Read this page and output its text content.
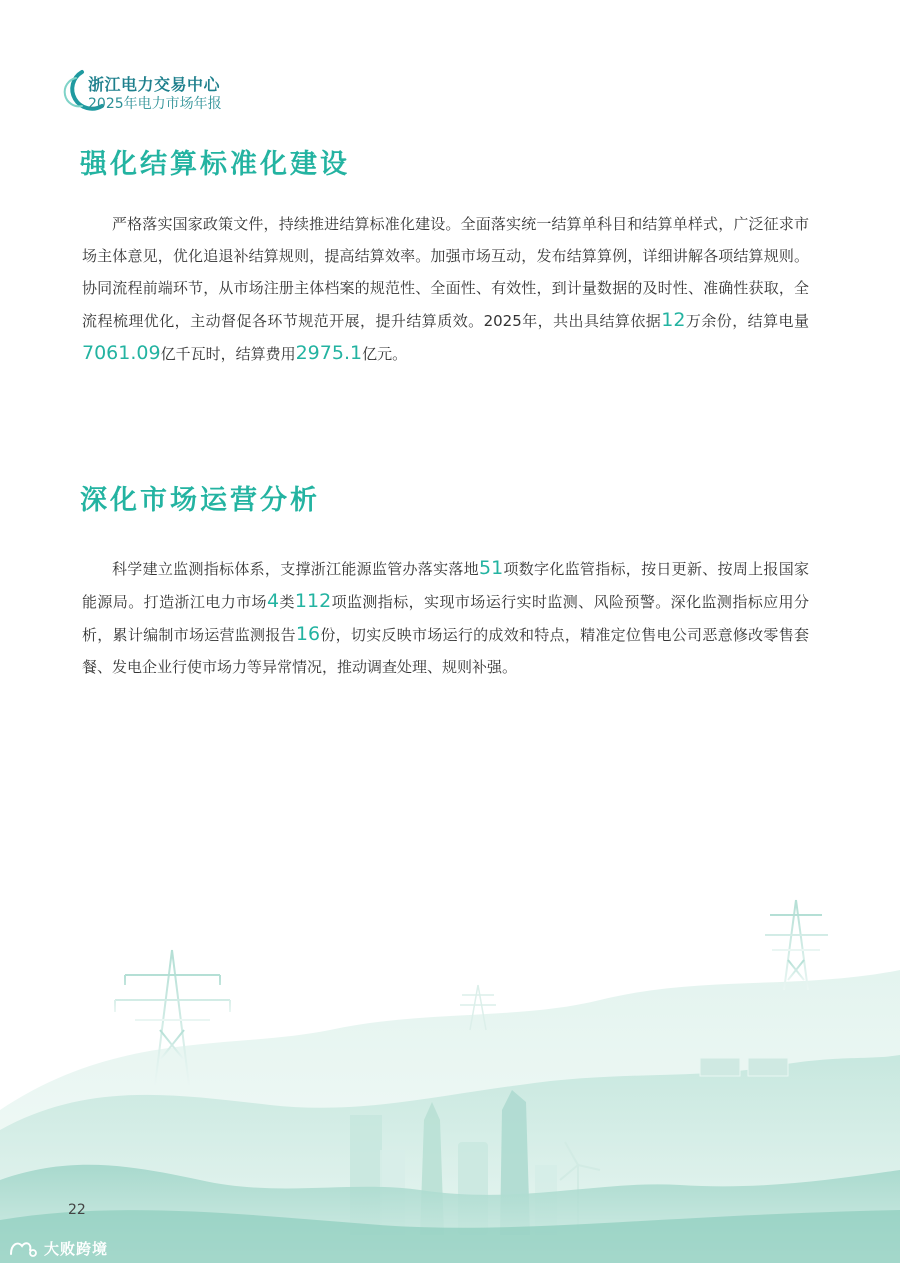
浙江电力交易中心
2025年电力市场年报
强化结算标准化建设

严格落实国家政策文件，持续推进结算标准化建设。全面落实统一结算单科目和结算单样式，广泛征求市场主体意见，优化追退补结算规则，提高结算效率。加强市场互动，发布结算算例，详细讲解各项结算规则。协同流程前端环节，从市场注册主体档案的规范性、全面性、有效性，到计量数据的及时性、准确性获取，全流程梳理优化，主动督促各环节规范开展，提升结算质效。2025年，共出具结算依据12万余份，结算电量7061.09亿千瓦时，结算费用2975.1亿元。

深化市场运营分析

科学建立监测指标体系，支撑浙江能源监管办落实落地51项数字化监管指标，按日更新、按周上报国家能源局。打造浙江电力市场4类112项监测指标，实现市场运行实时监测、风险预警。深化监测指标应用分析，累计编制市场运营监测报告16份，切实反映市场运行的成效和特点，精准定位售电公司恶意修改零售套餐、发电企业行使市场力等异常情况，推动调查处理、规则补强。

22
大败跨境
